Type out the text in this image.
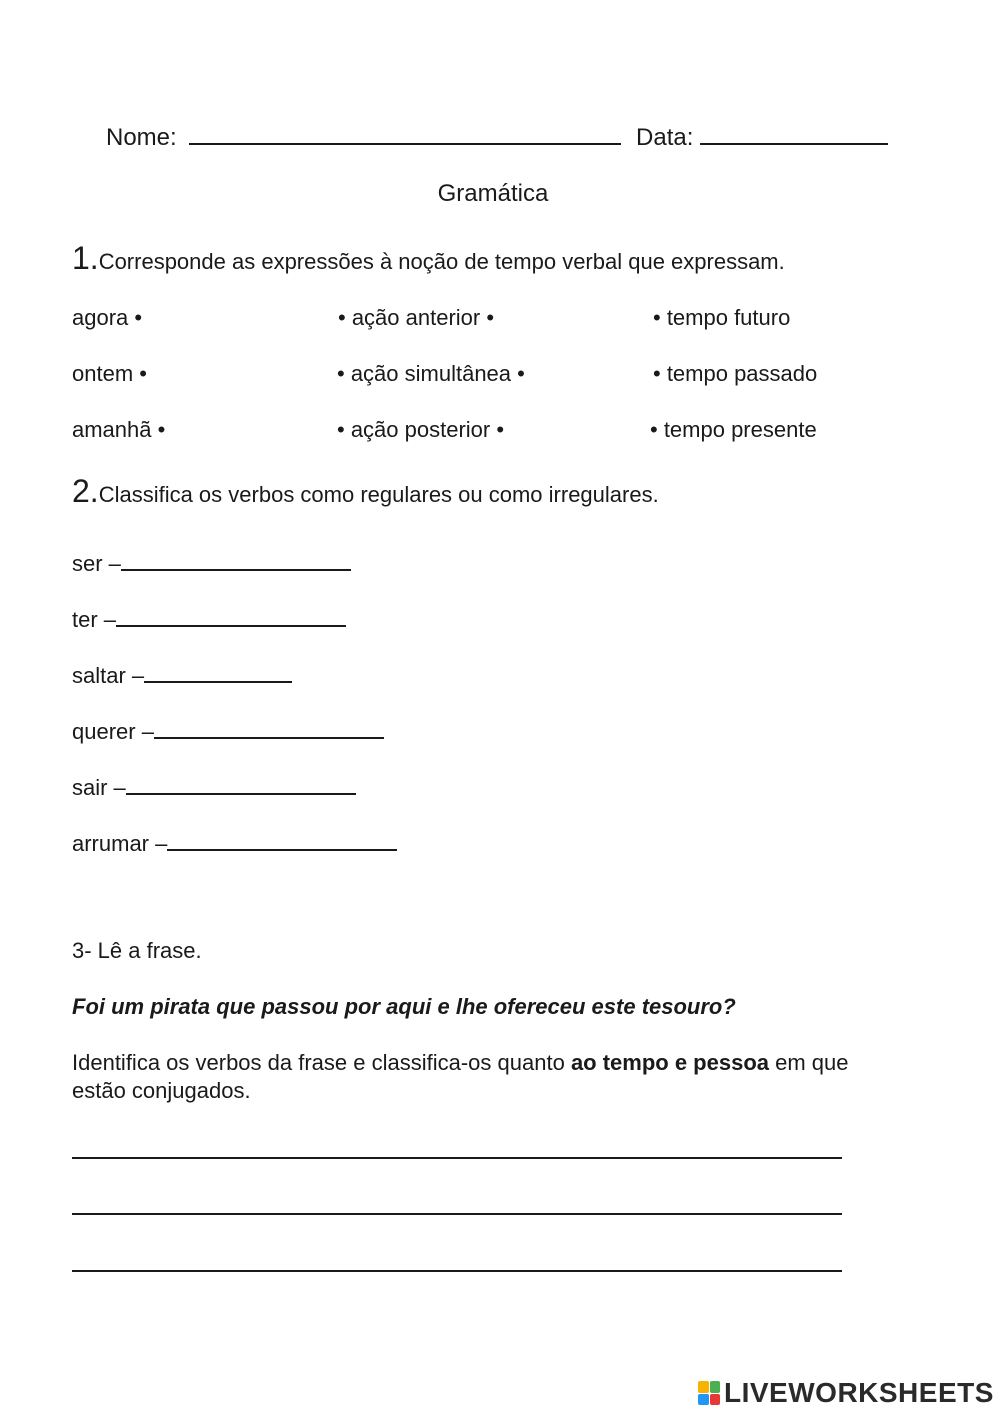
Nome:	Data:
Gramática
1.Corresponde as expressões à noção de tempo verbal que expressam.
agora •
ontem •
amanhã •
• ação anterior •
• ação simultânea •
• ação posterior •
• tempo futuro
• tempo passado
• tempo presente
2.Classifica os verbos como regulares ou como irregulares.
ser –
ter –
saltar –
querer –
sair –
arrumar –
3- Lê a frase.
Foi um pirata que passou por aqui e lhe ofereceu este tesouro?
Identifica os verbos da frase e classifica-os quanto ao tempo e pessoa em que estão conjugados.
LIVEWORKSHEETS
